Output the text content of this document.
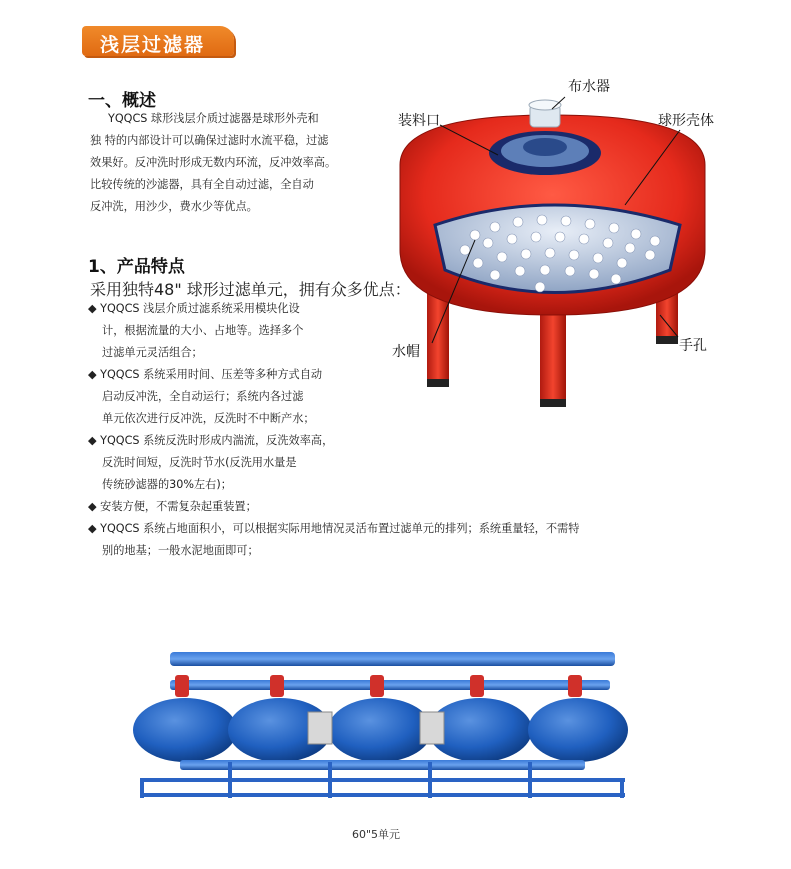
浅层过滤器
一、概述
YQQCS 球形浅层介质过滤器是球形外壳和
独 特的内部设计可以确保过滤时水流平稳，过滤
效果好。反冲洗时形成无数内环流，反冲效率高。
比较传统的沙滤器，具有全自动过滤，全自动
反冲洗，用沙少，费水少等优点。
1、产品特点
采用独特48" 球形过滤单元，拥有众多优点：
◆ YQQCS 浅层介质过滤系统采用模块化设
计，根据流量的大小、占地等。选择多个
过滤单元灵活组合；
◆ YQQCS 系统采用时间、压差等多种方式自动
启动反冲洗，全自动运行；系统内各过滤
单元依次进行反冲洗，反洗时不中断产水；
◆ YQQCS 系统反洗时形成内湍流，反洗效率高，
反洗时间短，反洗时节水(反洗用水量是
传统砂滤器的30%左右)；
◆ 安装方便，不需复杂起重装置；
◆ YQQCS 系统占地面积小，可以根据实际用地情况灵活布置过滤单元的排列；系统重量轻，不需特
别的地基；一般水泥地面即可；
布水器
装料口	球形壳体
水帽	手孔
60"5单元
